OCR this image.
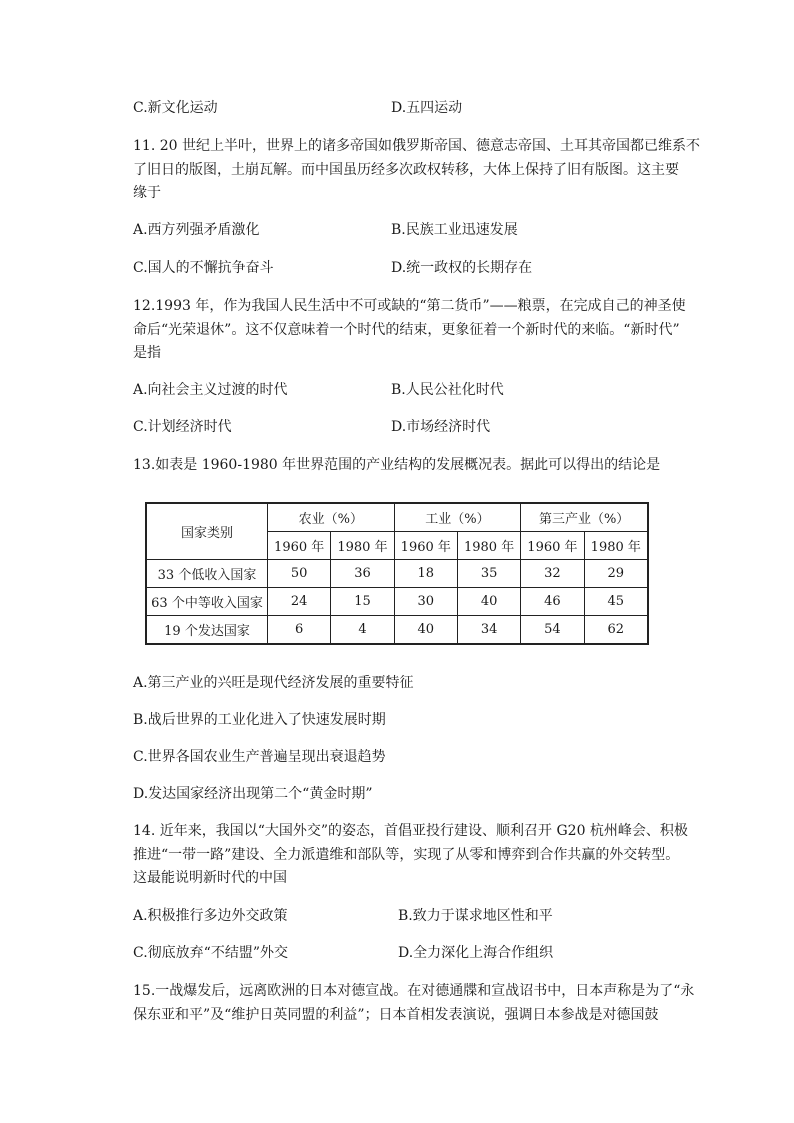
C.新文化运动	D.五四运动
11. 20 世纪上半叶，世界上的诸多帝国如俄罗斯帝国、德意志帝国、土耳其帝国都已维系不
了旧日的版图，土崩瓦解。而中国虽历经多次政权转移，大体上保持了旧有版图。这主要
缘于
A.西方列强矛盾激化	B.民族工业迅速发展
C.国人的不懈抗争奋斗	D.统一政权的长期存在
12.1993 年，作为我国人民生活中不可或缺的“第二货币”——粮票，在完成自己的神圣使
命后“光荣退休”。这不仅意味着一个时代的结束，更象征着一个新时代的来临。“新时代”
是指
A.向社会主义过渡的时代	B.人民公社化时代
C.计划经济时代	D.市场经济时代
13.如表是 1960-1980 年世界范围的产业结构的发展概况表。据此可以得出的结论是
国家类别	农业（%）		工业（%）		第三产业（%）	
	1960 年	1980 年	1960 年	1980 年	1960 年	1980 年
33 个低收入国家	50	36	18	35	32	29
63 个中等收入国家	24	15	30	40	46	45
19 个发达国家	6	4	40	34	54	62
A.第三产业的兴旺是现代经济发展的重要特征
B.战后世界的工业化进入了快速发展时期
C.世界各国农业生产普遍呈现出衰退趋势
D.发达国家经济出现第二个“黄金时期”
14. 近年来，我国以“大国外交”的姿态，首倡亚投行建设、顺利召开 G20 杭州峰会、积极
推进“一带一路”建设、全力派遣维和部队等，实现了从零和博弈到合作共赢的外交转型。
这最能说明新时代的中国
A.积极推行多边外交政策	B.致力于谋求地区性和平
C.彻底放弃“不结盟”外交	D.全力深化上海合作组织
15.一战爆发后，远离欧洲的日本对德宣战。在对德通牒和宣战诏书中，日本声称是为了“永
保东亚和平”及“维护日英同盟的利益”；日本首相发表演说，强调日本参战是对德国鼓
